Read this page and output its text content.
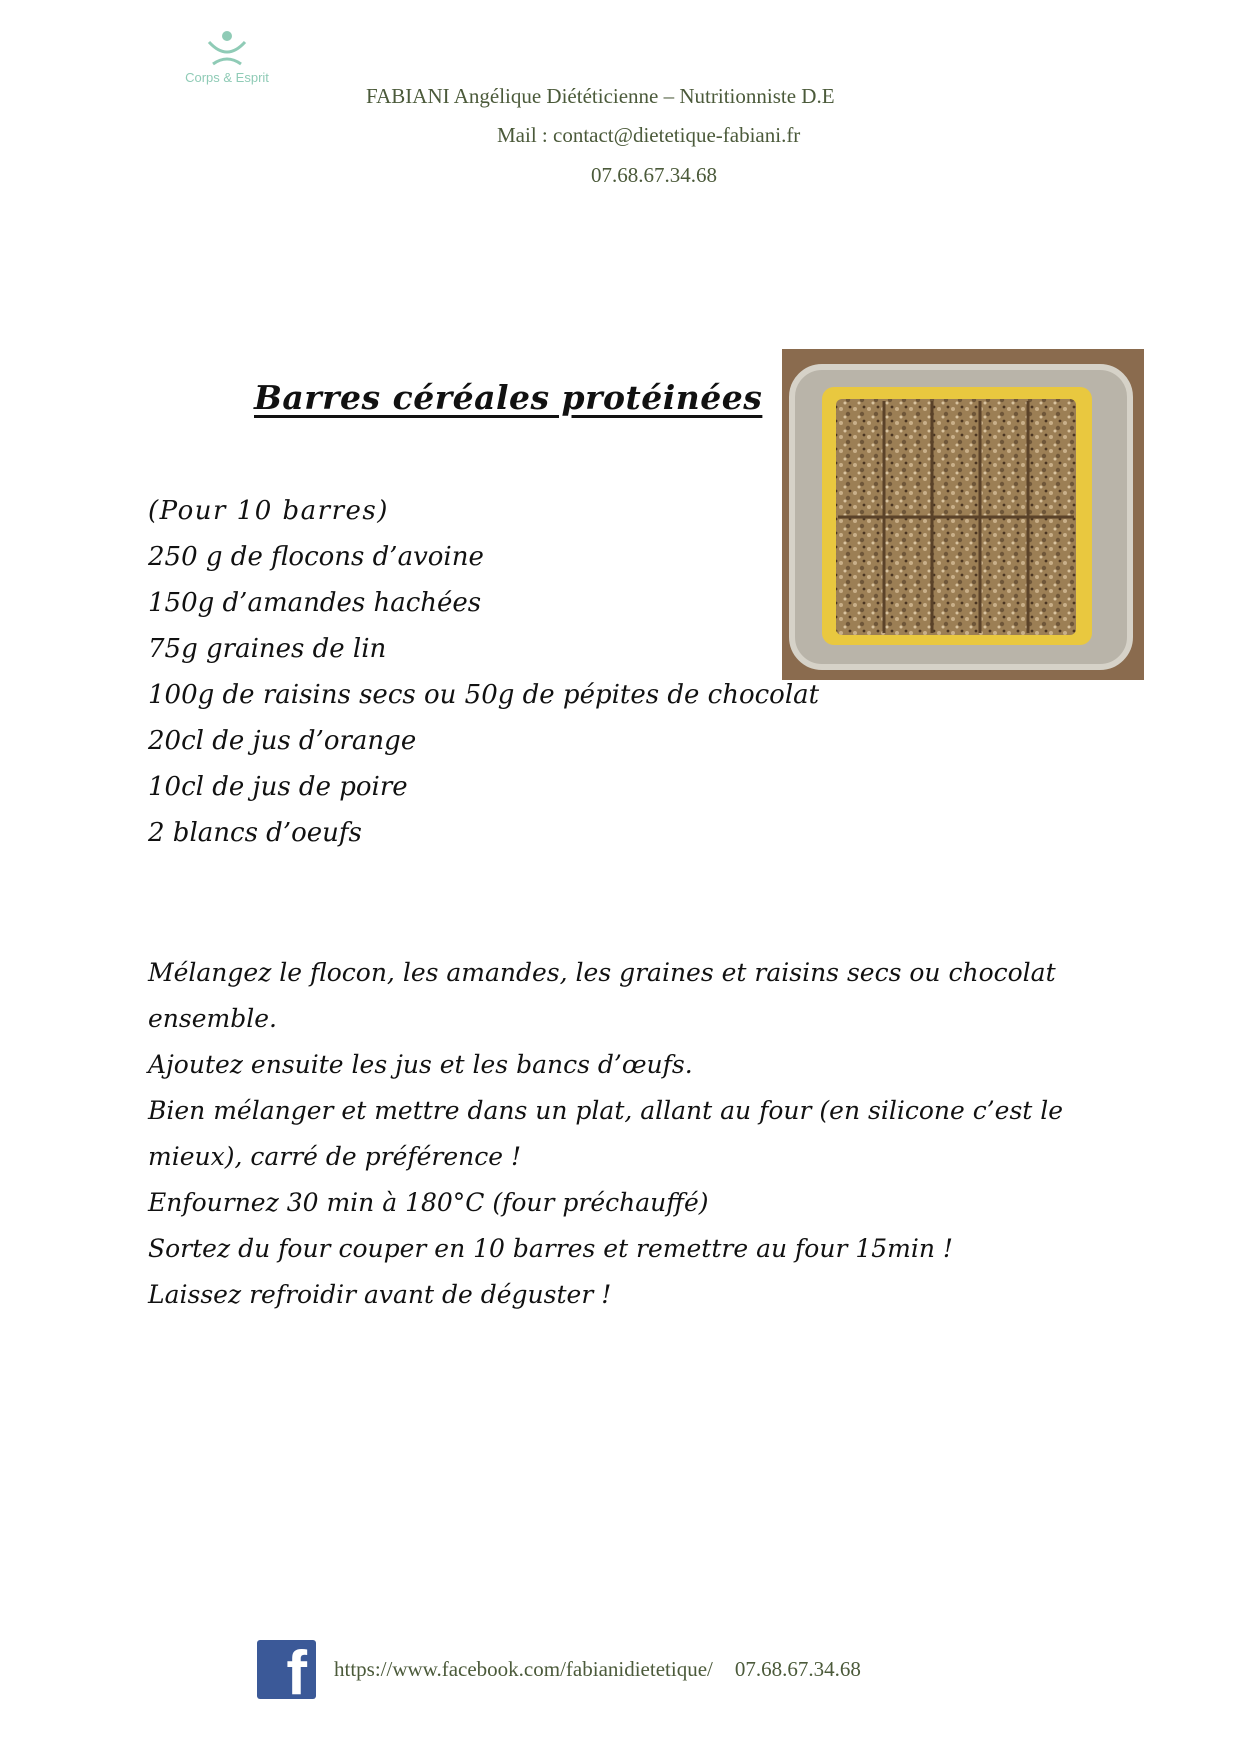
Corps & Esprit
FABIANI Angélique Diététicienne – Nutritionniste D.E
Mail : contact@dietetique-fabiani.fr
07.68.67.34.68
Barres céréales protéinées
(Pour 10 barres)
250 g de flocons d’avoine
150g d’amandes hachées
75g graines de lin
100g de raisins secs ou 50g de pépites de chocolat
20cl de jus d’orange
10cl de jus de poire
2 blancs d’oeufs
Mélangez le flocon, les amandes, les graines et raisins secs ou chocolat ensemble.
Ajoutez ensuite les jus et les bancs d’œufs.
Bien mélanger et mettre dans un plat, allant au four (en silicone c’est le mieux), carré de préférence !
Enfournez 30 min à 180°C (four préchauffé)
Sortez du four couper en 10 barres et remettre au four 15min !
Laissez refroidir avant de déguster !
f https://www.facebook.com/fabianidietetique/ 07.68.67.34.68
